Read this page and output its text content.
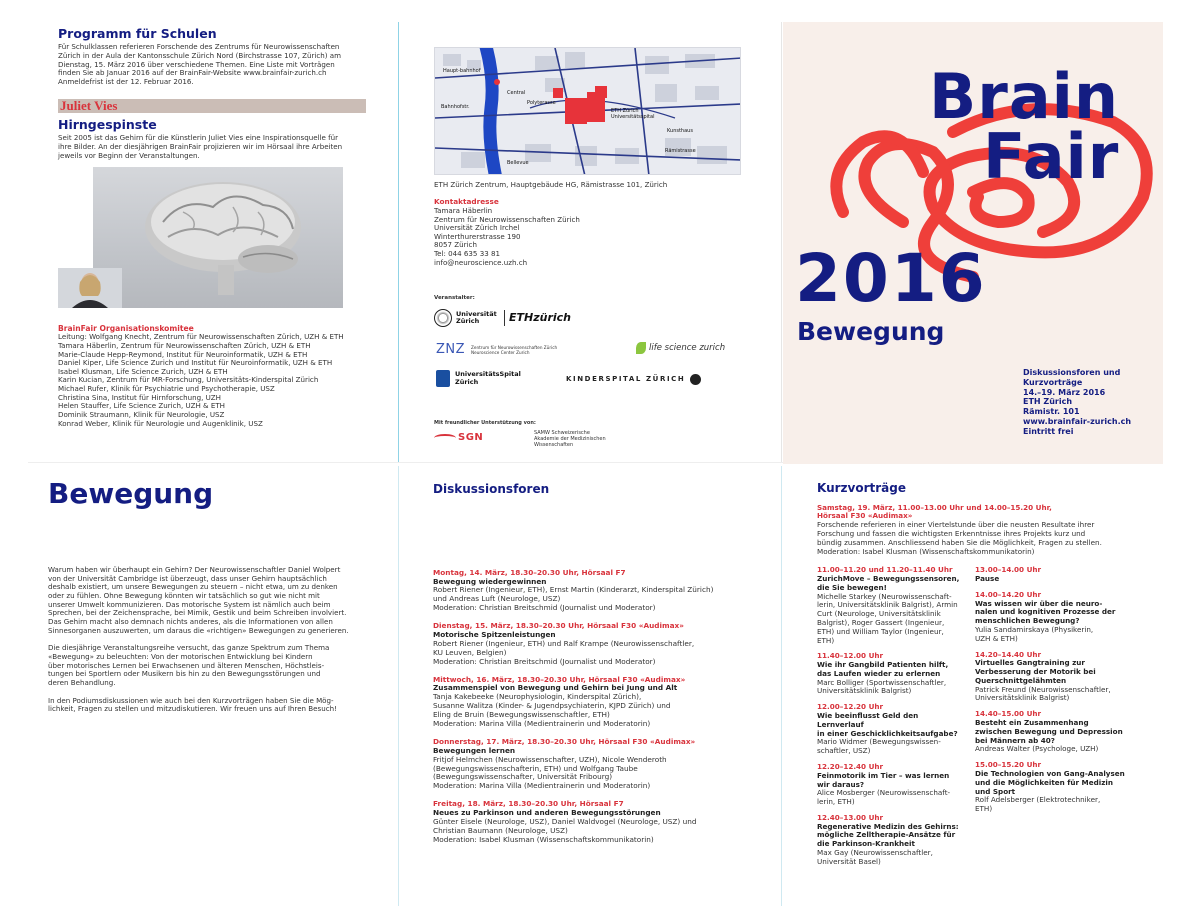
Programm für Schulen
Für Schulklassen referieren Forschende des Zentrums für Neurowissenschaften
Zürich in der Aula der Kantonsschule Zürich Nord (Birchstrasse 107, Zürich) am
Dienstag, 15. März 2016 über verschiedene Themen. Eine Liste mit Vorträgen
finden Sie ab Januar 2016 auf der BrainFair-Website www.brainfair-zurich.ch
Anmeldefrist ist der 12. Februar 2016.
Juliet Vies
Hirngespinste
Seit 2005 ist das Gehirn für die Künstlerin Juliet Vies eine Inspirationsquelle für
ihre Bilder. An der diesjährigen BrainFair projizieren wir im Hörsaal ihre Arbeiten
jeweils vor Beginn der Veranstaltungen.
BrainFair Organisationskomitee
Leitung: Wolfgang Knecht, Zentrum für Neurowissenschaften Zürich, UZH & ETH
Tamara Häberlin, Zentrum für Neurowissenschaften Zürich, UZH & ETH
Marie-Claude Hepp-Reymond, Institut für Neuroinformatik, UZH & ETH
Daniel Kiper, Life Science Zurich und Institut für Neuroinformatik, UZH & ETH
Isabel Klusman, Life Science Zurich, UZH & ETH
Karin Kucian, Zentrum für MR-Forschung, Universitäts-Kinderspital Zürich
Michael Rufer, Klinik für Psychiatrie und Psychotherapie, USZ
Christina Sina, Institut für Hirnforschung, UZH
Helen Stauffer, Life Science Zurich, UZH & ETH
Dominik Straumann, Klinik für Neurologie, USZ
Konrad Weber, Klinik für Neurologie und Augenklinik, USZ
Haupt-bahnhof
Bahnhofstr.
Central
Polyterasse
ETH Zürich Universitätsspital
Rämistrasse
Kunsthaus
Bellevue
ETH Zürich Zentrum, Hauptgebäude HG, Rämistrasse 101, Zürich
Kontaktadresse
Tamara Häberlin
Zentrum für Neurowissenschaften Zürich
Universität Zürich Irchel
Winterthurerstrasse 190
8057 Zürich
Tel: 044 635 33 81
info@neuroscience.uzh.ch
Veranstalter:
Universität Zürich	ETHzürich
ZNZ Zentrum für Neurowissenschaften Zürich
Neuroscience Center Zurich	life science zurich
UniversitätsSpital Zürich	KINDERSPITAL ZÜRICH
Mit freundlicher Unterstützung von:
SGN	SAMW Schweizerische
Akademie der Medizinischen
Wissenschaften
Brain
Fair
2016
Bewegung
Diskussionsforen und
Kurzvorträge
14.–19. März 2016
ETH Zürich
Rämistr. 101
www.brainfair-zurich.ch
Eintritt frei
Bewegung
Warum haben wir überhaupt ein Gehirn? Der Neurowissenschaftler Daniel Wolpert
von der Universität Cambridge ist überzeugt, dass unser Gehirn hauptsächlich
deshalb existiert, um unsere Bewegungen zu steuern – nicht etwa, um zu denken
oder zu fühlen. Ohne Bewegung könnten wir tatsächlich so gut wie nicht mit
unserer Umwelt kommunizieren. Das motorische System ist nämlich auch beim
Sprechen, bei der Zeichensprache, bei Mimik, Gestik und beim Schreiben involviert.
Das Gehirn macht also demnach nichts anderes, als die Informationen von allen
Sinnesorganen auszuwerten, um daraus die «richtigen» Bewegungen zu generieren.
Die diesjährige Veranstaltungsreihe versucht, das ganze Spektrum zum Thema
«Bewegung» zu beleuchten: Von der motorischen Entwicklung bei Kindern
über motorisches Lernen bei Erwachsenen und älteren Menschen, Höchstleis-
tungen bei Sportlern oder Musikern bis hin zu den Bewegungsstörungen und
deren Behandlung.
In den Podiumsdiskussionen wie auch bei den Kurzvorträgen haben Sie die Mög-
lichkeit, Fragen zu stellen und mitzudiskutieren. Wir freuen uns auf Ihren Besuch!
Diskussionsforen
Montag, 14. März, 18.30–20.30 Uhr, Hörsaal F7
Bewegung wiedergewinnen
Robert Riener (Ingenieur, ETH), Ernst Martin (Kinderarzt, Kinderspital Zürich)
und Andreas Luft (Neurologe, USZ)
Moderation: Christian Breitschmid (Journalist und Moderator)
Dienstag, 15. März, 18.30–20.30 Uhr, Hörsaal F30 «Audimax»
Motorische Spitzenleistungen
Robert Riener (Ingenieur, ETH) und Ralf Krampe (Neurowissenschaftler,
KU Leuven, Belgien)
Moderation: Christian Breitschmid (Journalist und Moderator)
Mittwoch, 16. März, 18.30–20.30 Uhr, Hörsaal F30 «Audimax»
Zusammenspiel von Bewegung und Gehirn bei Jung und Alt
Tanja Kakebeeke (Neurophysiologin, Kinderspital Zürich),
Susanne Walitza (Kinder- & Jugendpsychiaterin, KJPD Zürich) und
Eling de Bruin (Bewegungswissenschaftler, ETH)
Moderation: Marina Villa (Medientrainerin und Moderatorin)
Donnerstag, 17. März, 18.30–20.30 Uhr, Hörsaal F30 «Audimax»
Bewegungen lernen
Fritjof Helmchen (Neurowissenschafter, UZH), Nicole Wenderoth
(Bewegungswissenschafterin, ETH) und Wolfgang Taube
(Bewegungswissenschafter, Universität Fribourg)
Moderation: Marina Villa (Medientrainerin und Moderatorin)
Freitag, 18. März, 18.30–20.30 Uhr, Hörsaal F7
Neues zu Parkinson und anderen Bewegungsstörungen
Günter Eisele (Neurologe, USZ), Daniel Waldvogel (Neurologe, USZ) und
Christian Baumann (Neurologe, USZ)
Moderation: Isabel Klusman (Wissenschaftskommunikatorin)
Kurzvorträge
Samstag, 19. März, 11.00–13.00 Uhr und 14.00–15.20 Uhr,
Hörsaal F30 «Audimax»
Forschende referieren in einer Viertelstunde über die neusten Resultate ihrer
Forschung und fassen die wichtigsten Erkenntnisse ihres Projekts kurz und
bündig zusammen. Anschliessend haben Sie die Möglichkeit, Fragen zu stellen.
Moderation: Isabel Klusman (Wissenschaftskommunikatorin)
11.00–11.20 und 11.20–11.40 Uhr
ZurichMove – Bewegungssensoren,
die Sie bewegen!
Michelle Starkey (Neurowissenschaft-
lerin, Universitätsklinik Balgrist), Armin
Curt (Neurologe, Universitätsklinik
Balgrist), Roger Gassert (Ingenieur,
ETH) und William Taylor (Ingenieur, ETH)
11.40–12.00 Uhr
Wie ihr Gangbild Patienten hilft,
das Laufen wieder zu erlernen
Marc Bolliger (Sportwissenschaftler,
Universitätsklinik Balgrist)
12.00–12.20 Uhr
Wie beeinflusst Geld den Lernverlauf
in einer Geschicklichkeitsaufgabe?
Mario Widmer (Bewegungswissen-
schaftler, USZ)
12.20–12.40 Uhr
Feinmotorik im Tier – was lernen
wir daraus?
Alice Mosberger (Neurowissenschaft-
lerin, ETH)
12.40–13.00 Uhr
Regenerative Medizin des Gehirns:
mögliche Zelltherapie-Ansätze für
die Parkinson-Krankheit
Max Gay (Neurowissenschaftler,
Universität Basel)
13.00–14.00 Uhr
Pause
14.00–14.20 Uhr
Was wissen wir über die neuro-
nalen und kognitiven Prozesse der
menschlichen Bewegung?
Yulia Sandamirskaya (Physikerin,
UZH & ETH)
14.20–14.40 Uhr
Virtuelles Gangtraining zur
Verbesserung der Motorik bei
Querschnittgelähmten
Patrick Freund (Neurowissenschaftler,
Universitätsklinik Balgrist)
14.40–15.00 Uhr
Besteht ein Zusammenhang
zwischen Bewegung und Depression
bei Männern ab 40?
Andreas Walter (Psychologe, UZH)
15.00–15.20 Uhr
Die Technologien von Gang-Analysen
und die Möglichkeiten für Medizin
und Sport
Rolf Adelsberger (Elektrotechniker,
ETH)
